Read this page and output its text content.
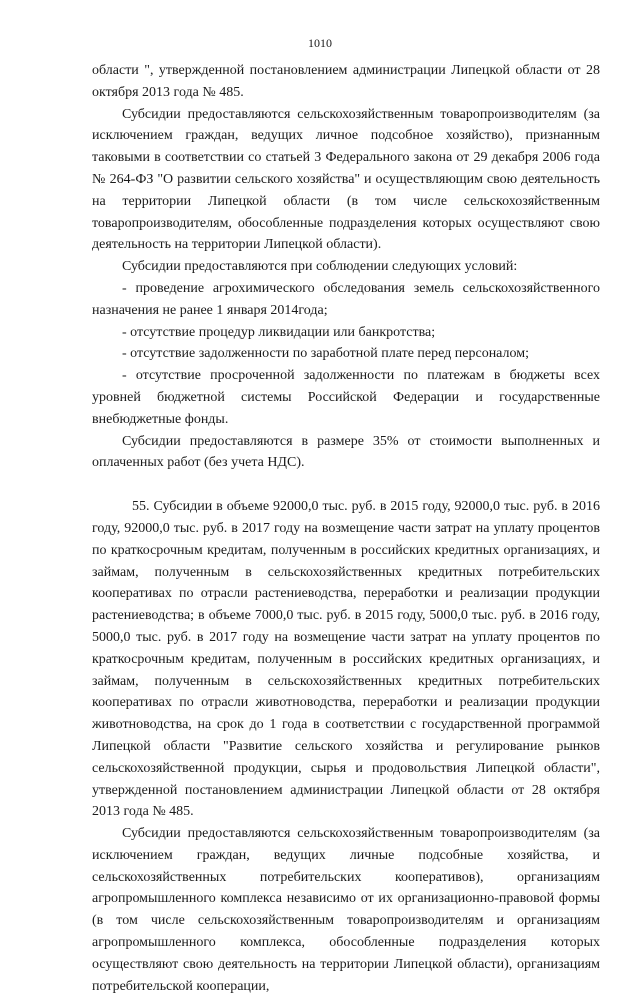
1010

области ", утвержденной постановлением администрации Липецкой области от 28 октября 2013 года № 485.

Субсидии предоставляются сельскохозяйственным товаропроизводителям (за исключением граждан, ведущих личное подсобное хозяйство), признанным таковыми в соответствии со статьей 3 Федерального закона от 29 декабря 2006 года № 264-ФЗ "О развитии сельского хозяйства" и осуществляющим свою деятельность на территории Липецкой области (в том числе сельскохозяйственным товаропроизводителям, обособленные подразделения которых осуществляют свою деятельность на территории Липецкой области).

Субсидии предоставляются при соблюдении следующих условий:

- проведение агрохимического обследования земель сельскохозяйственного назначения не ранее 1 января 2014года;

- отсутствие процедур ликвидации или банкротства;

- отсутствие задолженности по заработной плате перед персоналом;

- отсутствие просроченной задолженности по платежам в бюджеты всех уровней бюджетной системы Российской Федерации и государственные внебюджетные фонды.

Субсидии предоставляются в размере 35% от стоимости выполненных и оплаченных работ (без учета НДС).

55. Субсидии в объеме 92000,0 тыс. руб. в 2015 году, 92000,0 тыс. руб. в 2016 году, 92000,0 тыс. руб. в 2017 году на возмещение части затрат на уплату процентов по краткосрочным кредитам, полученным в российских кредитных организациях, и займам, полученным в сельскохозяйственных кредитных потребительских кооперативах по отрасли растениеводства, переработки и реализации продукции растениеводства; в объеме 7000,0 тыс. руб. в 2015 году, 5000,0 тыс. руб. в 2016 году, 5000,0 тыс. руб. в 2017 году на возмещение части затрат на уплату процентов по краткосрочным кредитам, полученным в российских кредитных организациях, и займам, полученным в сельскохозяйственных кредитных потребительских кооперативах по отрасли животноводства, переработки и реализации продукции животноводства, на срок до 1 года в соответствии с государственной программой Липецкой области "Развитие сельского хозяйства и регулирование рынков сельскохозяйственной продукции, сырья и продовольствия Липецкой области", утвержденной постановлением администрации Липецкой области от 28 октября 2013 года № 485.

Субсидии предоставляются сельскохозяйственным товаропроизводителям (за исключением граждан, ведущих личные подсобные хозяйства, и сельскохозяйственных потребительских кооперативов), организациям агропромышленного комплекса независимо от их организационно-правовой формы (в том числе сельскохозяйственным товаропроизводителям и организациям агропромышленного комплекса, обособленные подразделения которых осуществляют свою деятельность на территории Липецкой области), организациям потребительской кооперации,
